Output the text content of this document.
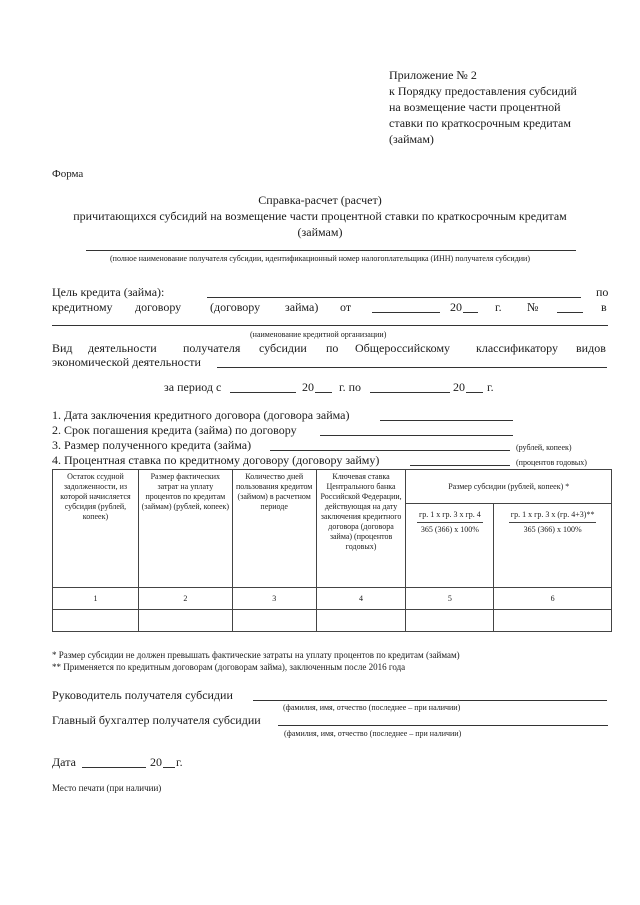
Приложение № 2
к Порядку предоставления субсидий
на возмещение части процентной
ставки по краткосрочным кредитам
(займам)
Форма
Справка-расчет (расчет)
причитающихся субсидий на возмещение части процентной ставки по краткосрочным кредитам
(займам)
(полное наименование получателя субсидии, идентификационный номер налогоплательщика (ИНН) получателя субсидии)
Цель кредита (займа):	по
кредитному договору (договору займа) от	20	г. №	в
(наименование кредитной организации)
Вид деятельности получателя субсидии по Общероссийскому классификатору видов
экономической деятельности
за период с	20 г. по	20 г.
1. Дата заключения кредитного договора (договора займа)
2. Срок погашения кредита (займа) по договору
3. Размер полученного кредита (займа)	(рублей, копеек)
4. Процентная ставка по кредитному договору (договору займу)	(процентов годовых)
Остаток ссудной задолженности, из которой начисляется субсидия (рублей, копеек)	Размер фактических затрат на уплату процентов по кредитам (займам) (рублей, копеек)	Количество дней пользования кредитом (займом) в расчетном периоде	Ключевая ставка Центрального банка Российской Федерации, действующая на дату заключения кредитного договора (договора займа) (процентов годовых)	Размер субсидии (рублей, копеек) *	

				$\frac{\text{гр. 1 х гр. 3 х гр. 4}}{365 (366) х 100\%}$	$\frac{\text{гр. 1 х гр. 3 х (гр. 4+3)**}}{365 (366) х 100\%}$

1	2	3	4	5	6

* Размер субсидии не должен превышать фактические затраты на уплату процентов по кредитам (займам)
** Применяется по кредитным договорам (договорам займа), заключенным после 2016 года
Руководитель получателя субсидии
(фамилия, имя, отчество (последнее – при наличии)
Главный бухгалтер получателя субсидии
(фамилия, имя, отчество (последнее – при наличии)
Дата	20 г.
Место печати (при наличии)
